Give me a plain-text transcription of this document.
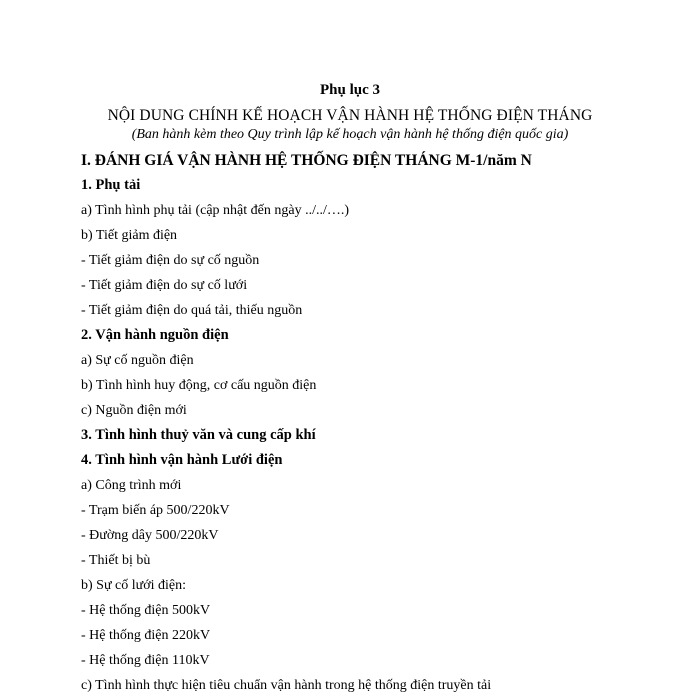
Phụ lục 3
NỘI DUNG CHÍNH KẾ HOẠCH VẬN HÀNH HỆ THỐNG ĐIỆN THÁNG
(Ban hành kèm theo Quy trình lập kế hoạch vận hành hệ thống điện quốc gia)
I. ĐÁNH GIÁ VẬN HÀNH HỆ THỐNG ĐIỆN THÁNG M-1/năm N
1. Phụ tải
a) Tình hình phụ tải (cập nhật đến ngày ../../….)
b) Tiết giảm điện
- Tiết giảm điện do sự cố nguồn
- Tiết giảm điện do sự cố lưới
- Tiết giảm điện do quá tải, thiếu nguồn
2. Vận hành nguồn điện
a) Sự cố nguồn điện
b) Tình hình huy động, cơ cấu nguồn điện
c) Nguồn điện mới
3. Tình hình thuỷ văn và cung cấp khí
4. Tình hình vận hành Lưới điện
a) Công trình mới
- Trạm biến áp 500/220kV
- Đường dây 500/220kV
- Thiết bị bù
b) Sự cố lưới điện:
- Hệ thống điện 500kV
- Hệ thống điện 220kV
- Hệ thống điện 110kV
c) Tình hình thực hiện tiêu chuẩn vận hành trong hệ thống điện truyền tải
